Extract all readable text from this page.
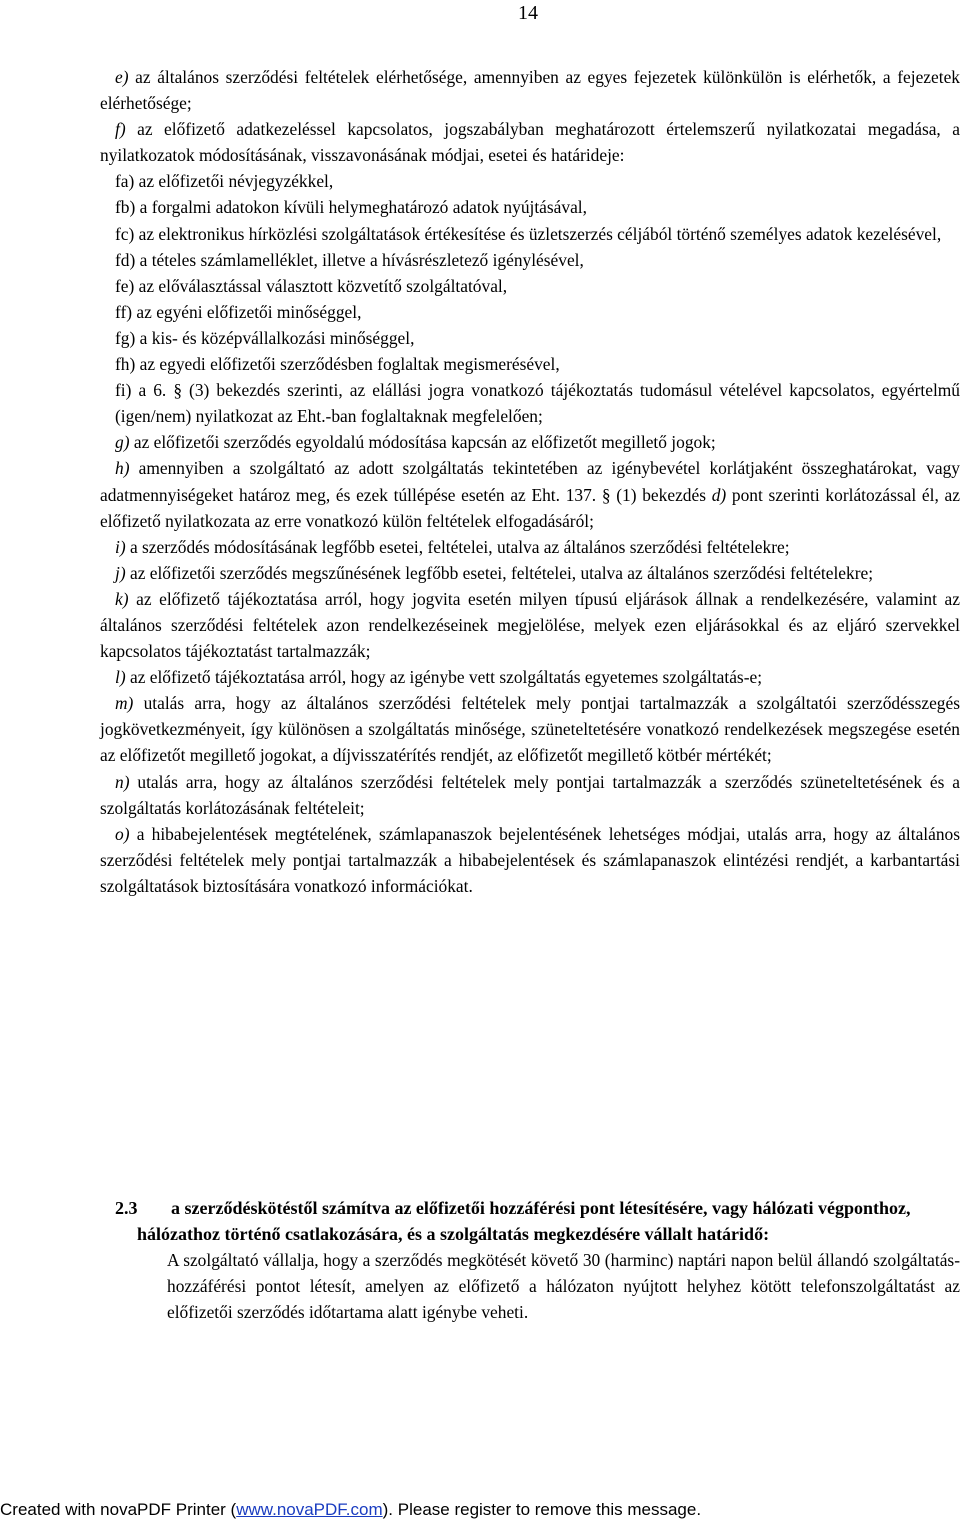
14

e) az általános szerződési feltételek elérhetősége, amennyiben az egyes fejezetek különkülön is elérhetők, a fejezetek elérhetősége;

f) az előfizető adatkezeléssel kapcsolatos, jogszabályban meghatározott értelemszerű nyilatkozatai megadása, a nyilatkozatok módosításának, visszavonásának módjai, esetei és határideje:

fa) az előfizetői névjegyzékkel,

fb) a forgalmi adatokon kívüli helymeghatározó adatok nyújtásával,

fc) az elektronikus hírközlési szolgáltatások értékesítése és üzletszerzés céljából történő személyes adatok kezelésével,

fd) a tételes számlamelléklet, illetve a hívásrészletező igénylésével,

fe) az előválasztással választott közvetítő szolgáltatóval,

ff) az egyéni előfizetői minőséggel,

fg) a kis- és középvállalkozási minőséggel,

fh) az egyedi előfizetői szerződésben foglaltak megismerésével,

fi) a 6. § (3) bekezdés szerinti, az elállási jogra vonatkozó tájékoztatás tudomásul vételével kapcsolatos, egyértelmű (igen/nem) nyilatkozat az Eht.-ban foglaltaknak megfelelően;

g) az előfizetői szerződés egyoldalú módosítása kapcsán az előfizetőt megillető jogok;

h) amennyiben a szolgáltató az adott szolgáltatás tekintetében az igénybevétel korlátjaként összeghatárokat, vagy adatmennyiségeket határoz meg, és ezek túllépése esetén az Eht. 137. § (1) bekezdés d) pont szerinti korlátozással él, az előfizető nyilatkozata az erre vonatkozó külön feltételek elfogadásáról;

i) a szerződés módosításának legfőbb esetei, feltételei, utalva az általános szerződési feltételekre;

j) az előfizetői szerződés megszűnésének legfőbb esetei, feltételei, utalva az általános szerződési feltételekre;

k) az előfizető tájékoztatása arról, hogy jogvita esetén milyen típusú eljárások állnak a rendelkezésére, valamint az általános szerződési feltételek azon rendelkezéseinek megjelölése, melyek ezen eljárásokkal és az eljáró szervekkel kapcsolatos tájékoztatást tartalmazzák;

l) az előfizető tájékoztatása arról, hogy az igénybe vett szolgáltatás egyetemes szolgáltatás-e;

m) utalás arra, hogy az általános szerződési feltételek mely pontjai tartalmazzák a szolgáltatói szerződésszegés jogkövetkezményeit, így különösen a szolgáltatás minősége, szüneteltetésére vonatkozó rendelkezések megszegése esetén az előfizetőt megillető jogokat, a díjvisszatérítés rendjét, az előfizetőt megillető kötbér mértékét;

n) utalás arra, hogy az általános szerződési feltételek mely pontjai tartalmazzák a szerződés szüneteltetésének és a szolgáltatás korlátozásának feltételeit;

o) a hibabejelentések megtételének, számlapanaszok bejelentésének lehetséges módjai, utalás arra, hogy az általános szerződési feltételek mely pontjai tartalmazzák a hibabejelentések és számlapanaszok elintézési rendjét, a karbantartási szolgáltatások biztosítására vonatkozó információkat.

2.3 a szerződéskötéstől számítva az előfizetői hozzáférési pont létesítésére, vagy hálózati végponthoz, hálózathoz történő csatlakozására, és a szolgáltatás megkezdésére vállalt határidő:

A szolgáltató vállalja, hogy a szerződés megkötését követő 30 (harminc) naptári napon belül állandó szolgáltatás-hozzáférési pontot létesít, amelyen az előfizető a hálózaton nyújtott helyhez kötött telefonszolgáltatást az előfizetői szerződés időtartama alatt igénybe veheti.

Created with novaPDF Printer (www.novaPDF.com). Please register to remove this message.
